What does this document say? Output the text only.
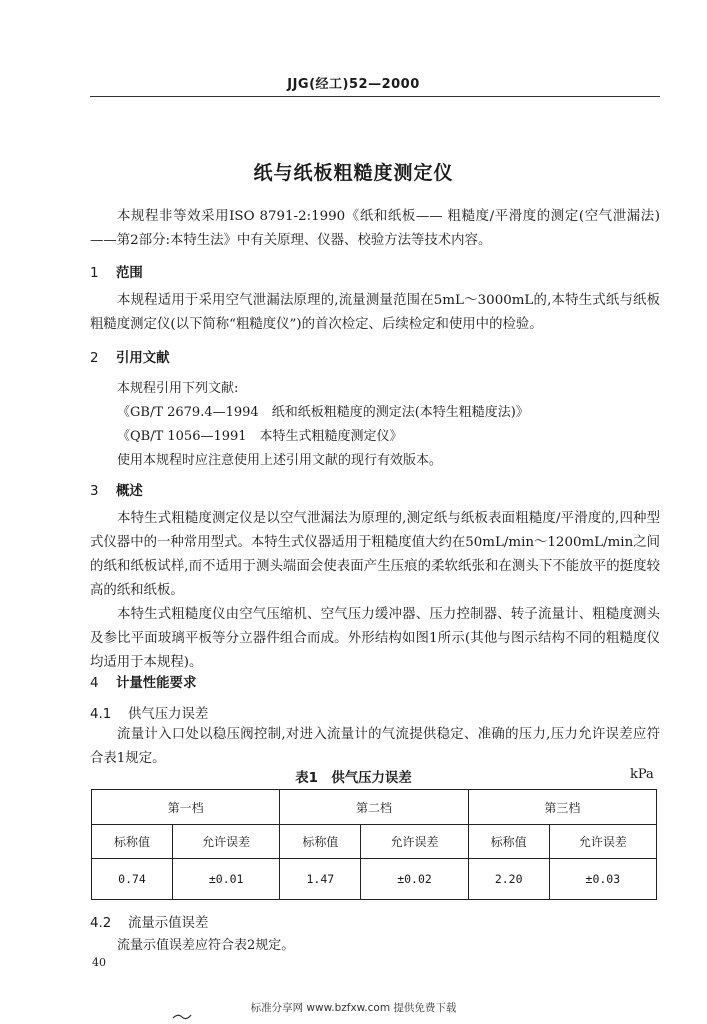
JJG(经工)52—2000
纸与纸板粗糙度测定仪
本规程非等效采用ISO 8791-2:1990《纸和纸板—— 粗糙度/平滑度的测定(空气泄漏法)——第2部分:本特生法》中有关原理、仪器、校验方法等技术内容。
1 范围
本规程适用于采用空气泄漏法原理的,流量测量范围在5mL～3000mL的,本特生式纸与纸板粗糙度测定仪(以下简称“粗糙度仪”)的首次检定、后续检定和使用中的检验。
2 引用文献
本规程引用下列文献:
《GB/T 2679.4—1994　纸和纸板粗糙度的测定法(本特生粗糙度法)》
《QB/T 1056—1991　本特生式粗糙度测定仪》
使用本规程时应注意使用上述引用文献的现行有效版本。
3 概述
本特生式粗糙度测定仪是以空气泄漏法为原理的,测定纸与纸板表面粗糙度/平滑度的,四种型式仪器中的一种常用型式。本特生式仪器适用于粗糙度值大约在50mL/min～1200mL/min之间的纸和纸板试样,而不适用于测头端面会使表面产生压痕的柔软纸张和在测头下不能放平的挺度较高的纸和纸板。
本特生式粗糙度仪由空气压缩机、空气压力缓冲器、压力控制器、转子流量计、粗糙度测头及参比平面玻璃平板等分立器件组合而成。外形结构如图1所示(其他与图示结构不同的粗糙度仪均适用于本规程)。
4 计量性能要求
4.1 供气压力误差
流量计入口处以稳压阀控制,对进入流量计的气流提供稳定、准确的压力,压力允许误差应符合表1规定。
表1　供气压力误差	kPa
第一档		第二档		第三档	
标称值	允许误差	标称值	允许误差	标称值	允许误差
0.74	±0.01	1.47	±0.02	2.20	±0.03
4.2 流量示值误差
流量示值误差应符合表2规定。
40
标准分享网 www.bzfxw.com 提供免费下载
